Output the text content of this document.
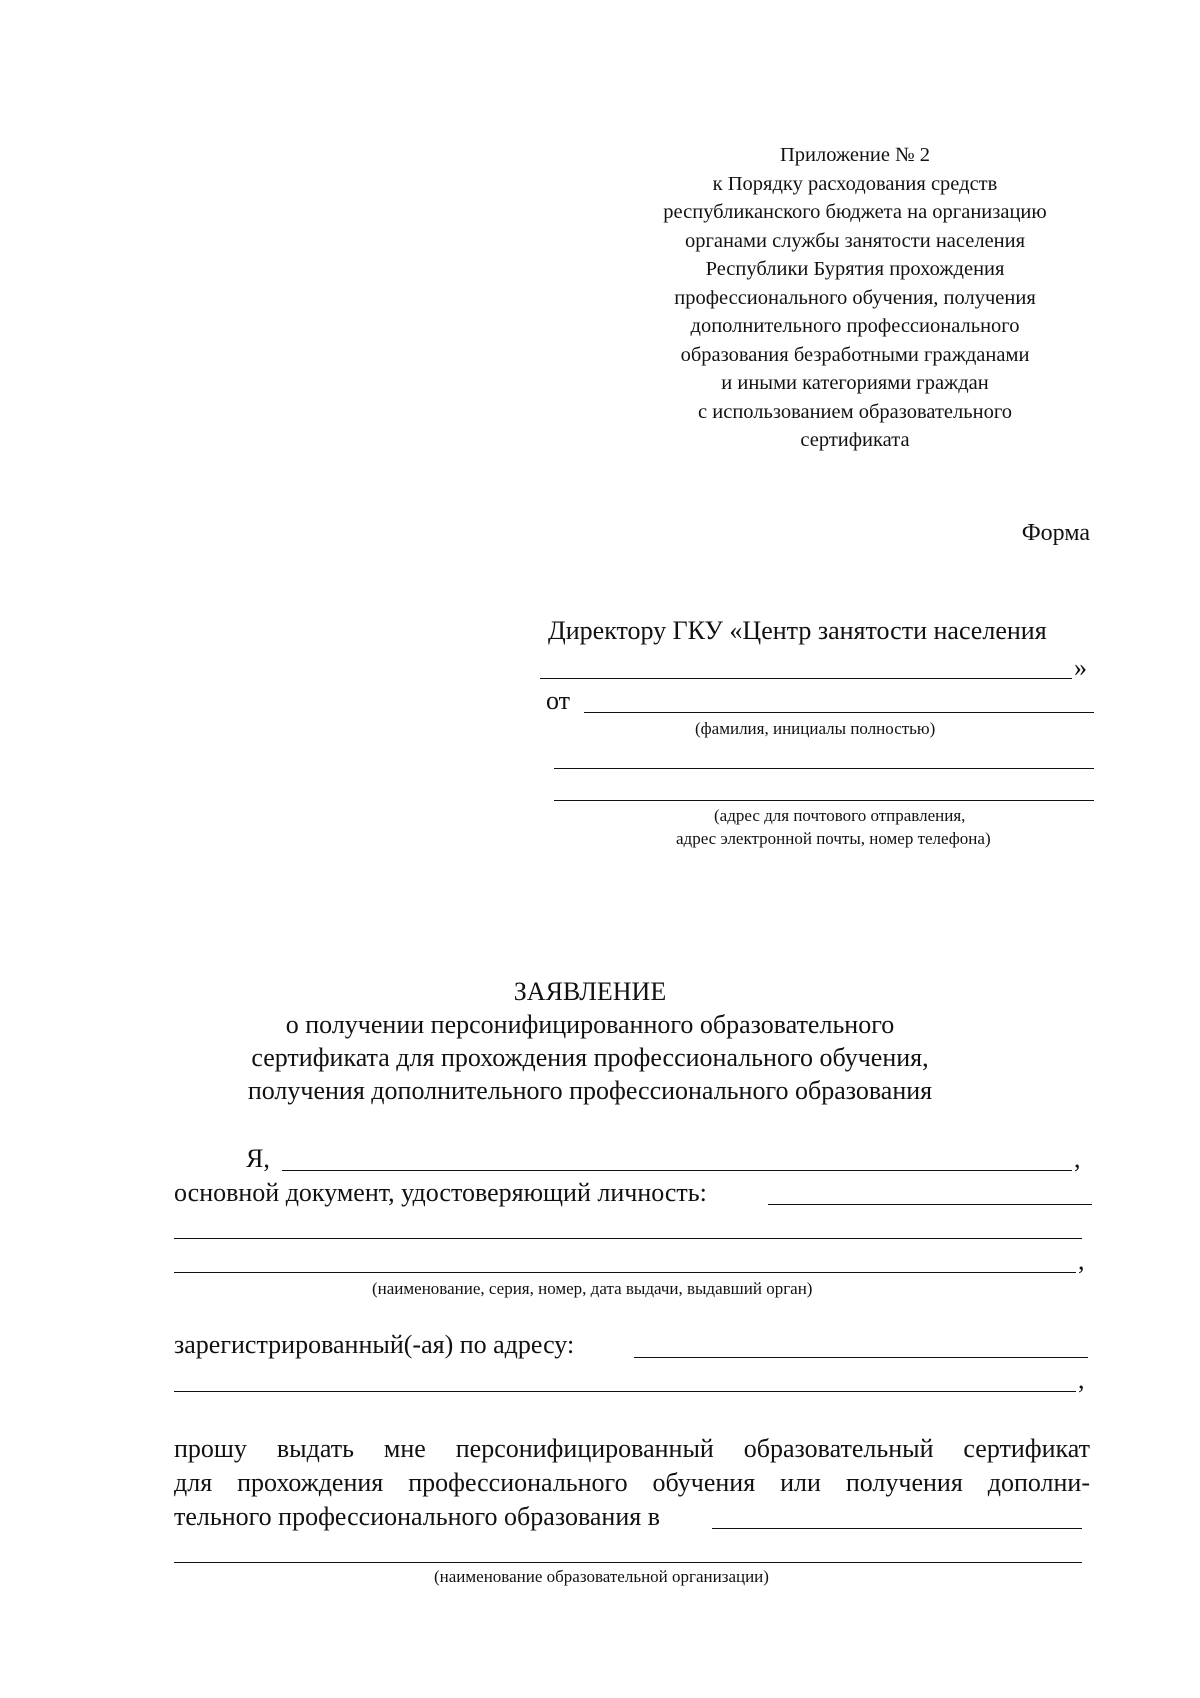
Приложение № 2
к Порядку расходования средств
республиканского бюджета на организацию
органами службы занятости населения
Республики Бурятия прохождения
профессионального обучения, получения
дополнительного профессионального
образования безработными гражданами
и иными категориями граждан
с использованием образовательного
сертификата
Форма
Директору ГКУ «Центр занятости населения
»
от
(фамилия, инициалы полностью)
(адрес для почтового отправления,
адрес электронной почты, номер телефона)
ЗАЯВЛЕНИЕ
о получении персонифицированного образовательного
сертификата для прохождения профессионального обучения,
получения дополнительного профессионального образования
Я,	,
основной документ, удостоверяющий личность:
,
(наименование, серия, номер, дата выдачи, выдавший орган)
зарегистрированный(-ая) по адресу:
,
прошу выдать мне персонифицированный образовательный сертификат
для прохождения профессионального обучения или получения дополни-
тельного профессионального образования в
(наименование образовательной организации)
